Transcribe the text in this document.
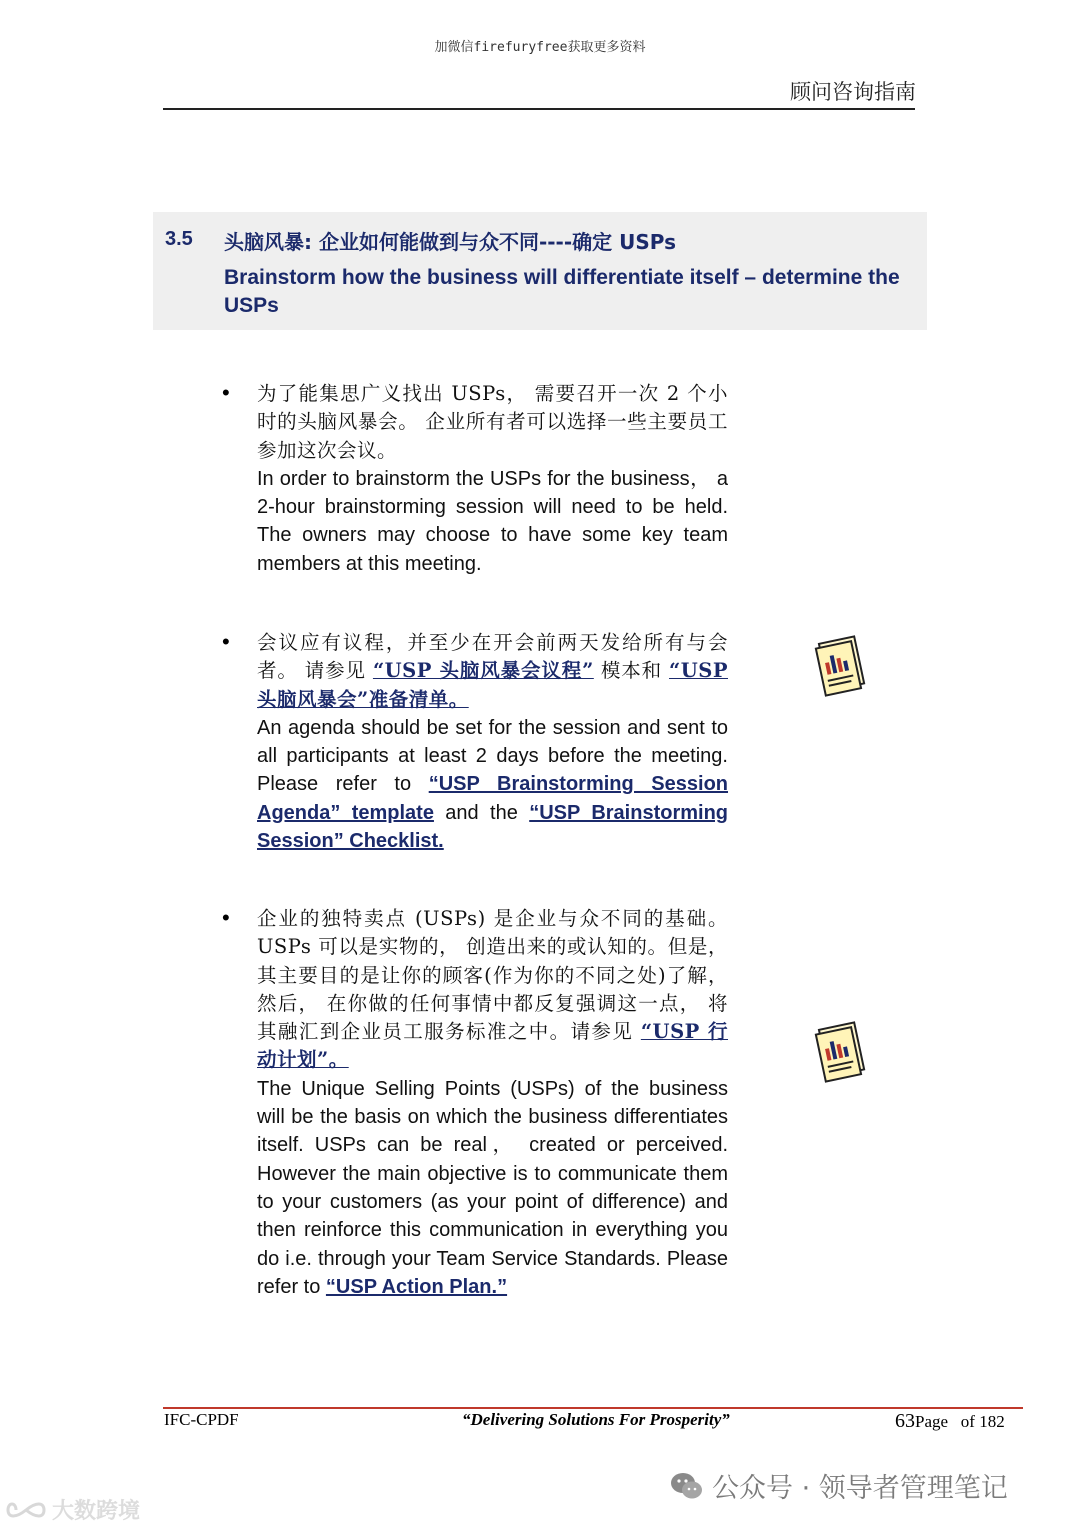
加微信firefuryfree获取更多资料
顾问咨询指南
3.5 头脑风暴: 企业如何能做到与众不同----确定 USPs
Brainstorm how the business will differentiate itself – determine the USPs
• 为了能集思广义找出 USPs， 需要召开一次 2 个小时的头脑风暴会。 企业所有者可以选择一些主要员工参加这次会议。
In order to brainstorm the USPs for the business， a 2-hour brainstorming session will need to be held. The owners may choose to have some key team members at this meeting.
• 会议应有议程，并至少在开会前两天发给所有与会者。 请参见 “USP 头脑风暴会议程” 模本和 “USP 头脑风暴会”准备清单。
An agenda should be set for the session and sent to all participants at least 2 days before the meeting. Please refer to “USP Brainstorming Session Agenda” template and the “USP Brainstorming Session” Checklist.
• 企业的独特卖点 (USPs) 是企业与众不同的基础。USPs 可以是实物的， 创造出来的或认知的。但是， 其主要目的是让你的顾客(作为你的不同之处)了解， 然后， 在你做的任何事情中都反复强调这一点， 将其融汇到企业员工服务标准之中。请参见 “USP 行动计划”。
The Unique Selling Points (USPs) of the business will be the basis on which the business differentiates itself. USPs can be real， created or perceived. However the main objective is to communicate them to your customers (as your point of difference) and then reinforce this communication in everything you do i.e. through your Team Service Standards. Please refer to “USP Action Plan.”
IFC-CPDF	“Delivering Solutions For Prosperity”	63Page of 182
公众号 · 领导者管理笔记
大数跨境
